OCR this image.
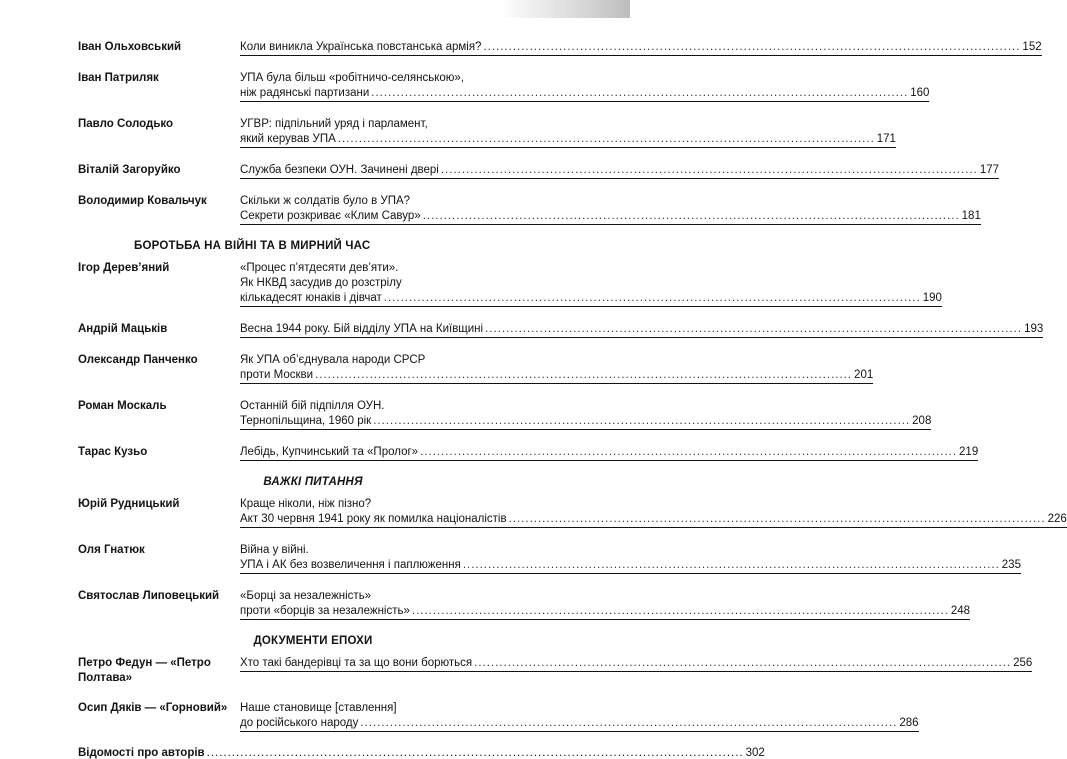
Іван Ольховський	Коли виникла Українська повстанська армія? ................................................................................................................................ 152
Іван Патриляк	УПА була більш «робітничо-селянською»,
ніж радянські партизани ................................................................................................................................ 160
Павло Солодько	УГВР: підпільний уряд і парламент,
який керував УПА ................................................................................................................................ 171
Віталій Загоруйко	Служба безпеки ОУН. Зачинені двері ................................................................................................................................ 177
Володимир Ковальчук	Скільки ж солдатів було в УПА?
Секрети розкриває «Клим Савур» ................................................................................................................................ 181
БОРОТЬБА НА ВІЙНІ ТА В МИРНИЙ ЧАС
Ігор Дерев’яний	«Процес п’ятдесяти дев’яти».
Як НКВД засудив до розстрілу
кількадесят юнаків і дівчат ................................................................................................................................ 190
Андрій Мацьків	Весна 1944 року. Бій відділу УПА на Київщині ................................................................................................................................ 193
Олександр Панченко	Як УПА об’єднувала народи СРСР
проти Москви ................................................................................................................................ 201
Роман Москаль	Останній бій підпілля ОУН.
Тернопільщина, 1960 рік ................................................................................................................................ 208
Тарас Кузьо	Лебідь, Купчинський та «Пролог» ................................................................................................................................ 219
ВАЖКІ ПИТАННЯ
Юрій Рудницький	Краще ніколи, ніж пізно?
Акт 30 червня 1941 року як помилка націоналістів ................................................................................................................................ 226
Оля Гнатюк	Війна у війні.
УПА і АК без возвеличення і паплюження ................................................................................................................................ 235
Святослав Липовецький	«Борці за незалежність»
проти «борців за незалежність» ................................................................................................................................ 248
ДОКУМЕНТИ ЕПОХИ
Петро Федун — «Петро Полтава»
Хто такі бандерівці та за що вони борються ................................................................................................................................ 256
Осип Дяків — «Горновий»	Наше становище [ставлення]
до російського народу ................................................................................................................................ 286
Відомості про авторів ................................................................................................................................ 302
